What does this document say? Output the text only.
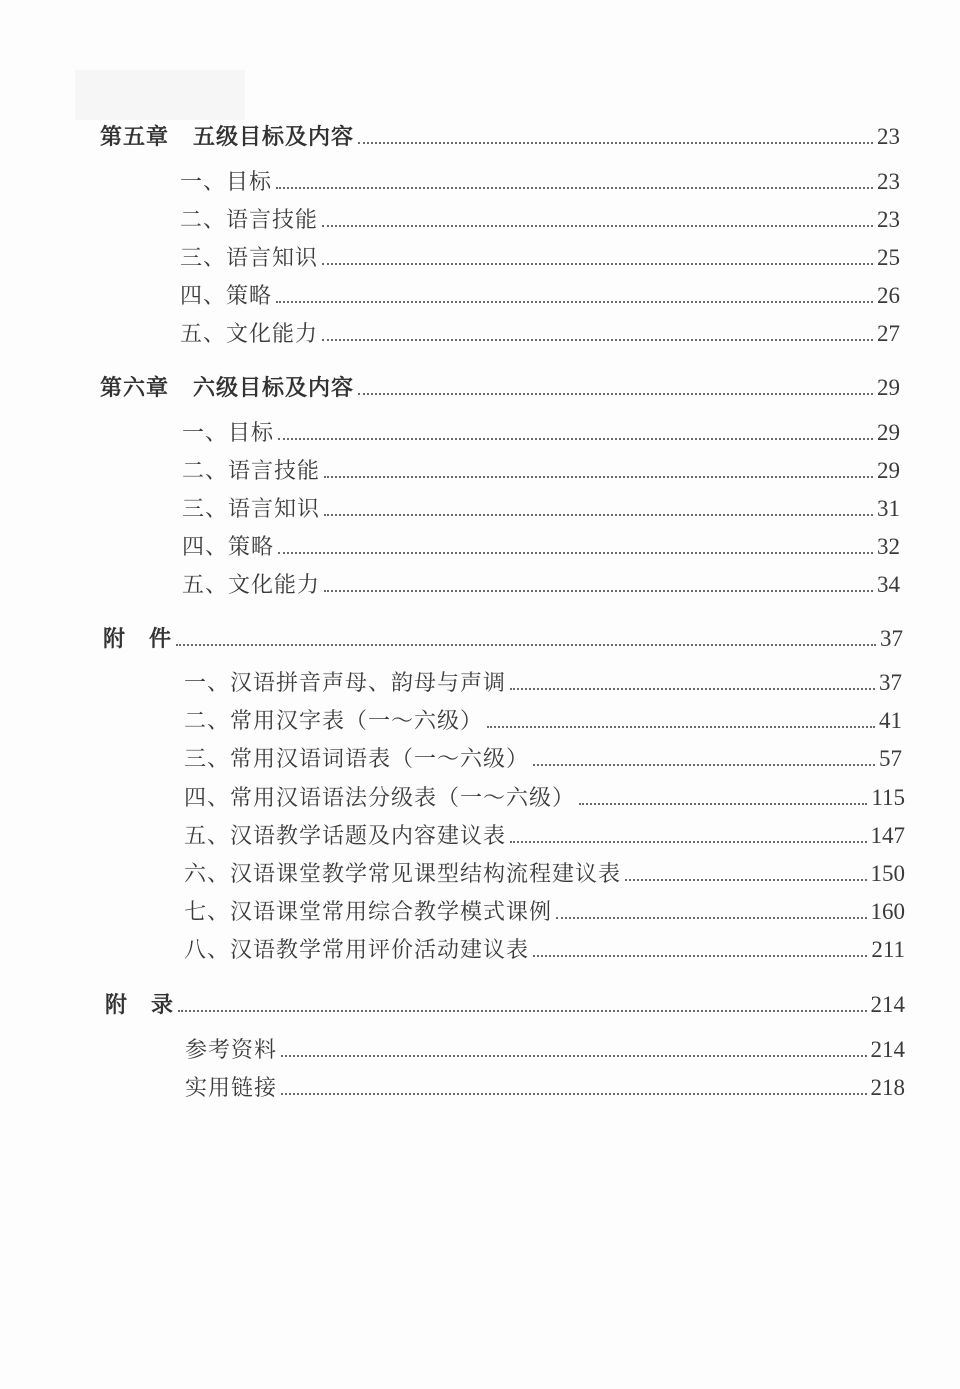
第五章 五级目标及内容	23
一、目标	23
二、语言技能	23
三、语言知识	25
四、策略	26
五、文化能力	27
第六章 六级目标及内容	29
一、目标	29
二、语言技能	29
三、语言知识	31
四、策略	32
五、文化能力	34
附　件	37
一、汉语拼音声母、韵母与声调	37
二、常用汉字表（一～六级）	41
三、常用汉语词语表（一～六级）	57
四、常用汉语语法分级表（一～六级）	115
五、汉语教学话题及内容建议表	147
六、汉语课堂教学常见课型结构流程建议表	150
七、汉语课堂常用综合教学模式课例	160
八、汉语教学常用评价活动建议表	211
附　录	214
参考资料	214
实用链接	218
